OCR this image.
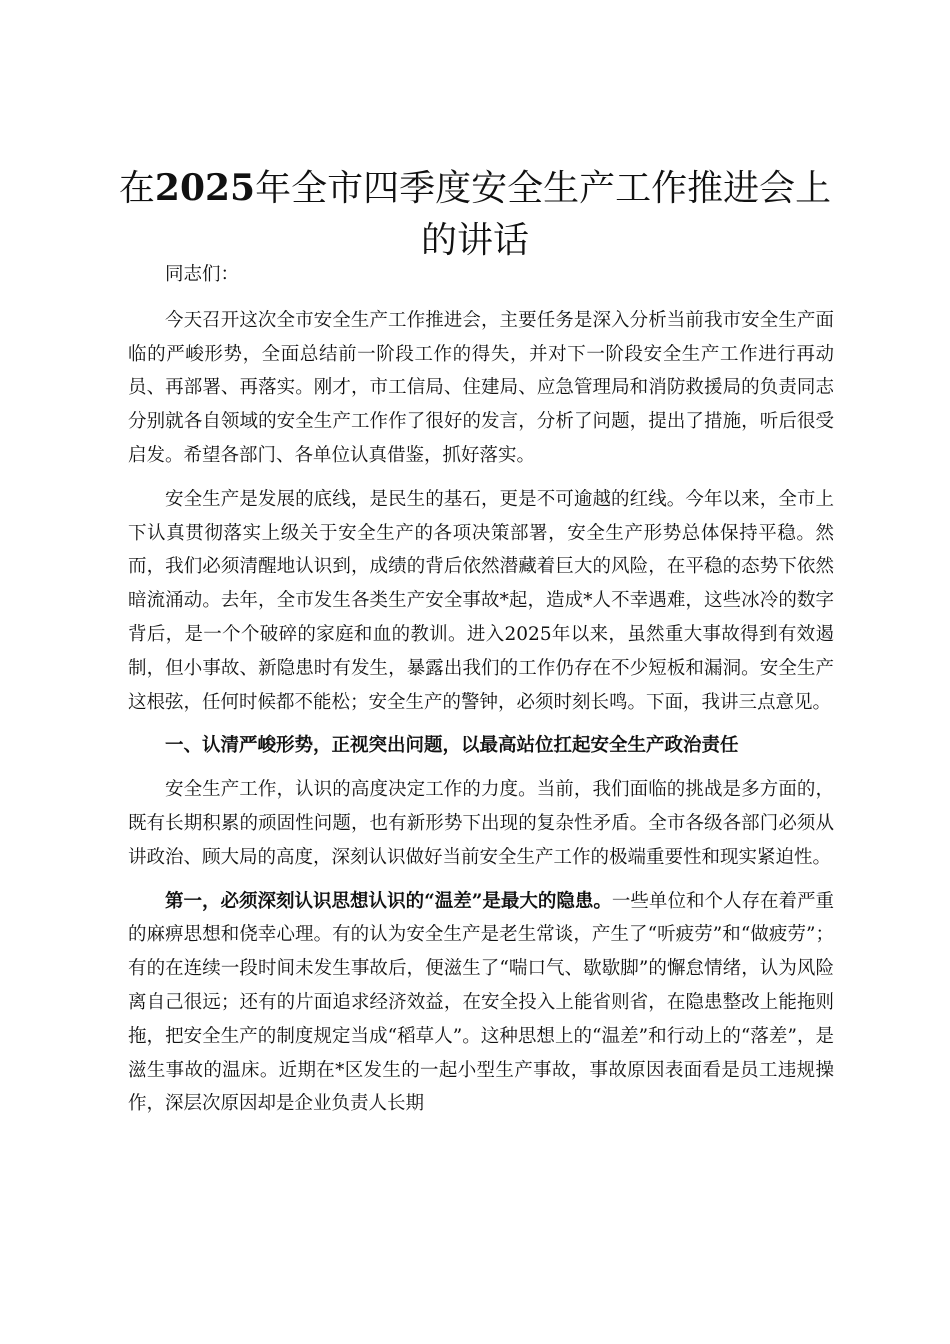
在2025年全市四季度安全生产工作推进会上的讲话

同志们：

今天召开这次全市安全生产工作推进会，主要任务是深入分析当前我市安全生产面临的严峻形势，全面总结前一阶段工作的得失，并对下一阶段安全生产工作进行再动员、再部署、再落实。刚才，市工信局、住建局、应急管理局和消防救援局的负责同志分别就各自领域的安全生产工作作了很好的发言，分析了问题，提出了措施，听后很受启发。希望各部门、各单位认真借鉴，抓好落实。

安全生产是发展的底线，是民生的基石，更是不可逾越的红线。今年以来，全市上下认真贯彻落实上级关于安全生产的各项决策部署，安全生产形势总体保持平稳。然而，我们必须清醒地认识到，成绩的背后依然潜藏着巨大的风险，在平稳的态势下依然暗流涌动。去年，全市发生各类生产安全事故*起，造成*人不幸遇难，这些冰冷的数字背后，是一个个破碎的家庭和血的教训。进入2025年以来，虽然重大事故得到有效遏制，但小事故、新隐患时有发生，暴露出我们的工作仍存在不少短板和漏洞。安全生产这根弦，任何时候都不能松；安全生产的警钟，必须时刻长鸣。下面，我讲三点意见。

一、认清严峻形势，正视突出问题，以最高站位扛起安全生产政治责任

安全生产工作，认识的高度决定工作的力度。当前，我们面临的挑战是多方面的，既有长期积累的顽固性问题，也有新形势下出现的复杂性矛盾。全市各级各部门必须从讲政治、顾大局的高度，深刻认识做好当前安全生产工作的极端重要性和现实紧迫性。

第一，必须深刻认识思想认识的“温差”是最大的隐患。一些单位和个人存在着严重的麻痹思想和侥幸心理。有的认为安全生产是老生常谈，产生了“听疲劳”和“做疲劳”；有的在连续一段时间未发生事故后，便滋生了“喘口气、歇歇脚”的懈怠情绪，认为风险离自己很远；还有的片面追求经济效益，在安全投入上能省则省，在隐患整改上能拖则拖，把安全生产的制度规定当成“稻草人”。这种思想上的“温差”和行动上的“落差”，是滋生事故的温床。近期在*区发生的一起小型生产事故，事故原因表面看是员工违规操作，深层次原因却是企业负责人长期
